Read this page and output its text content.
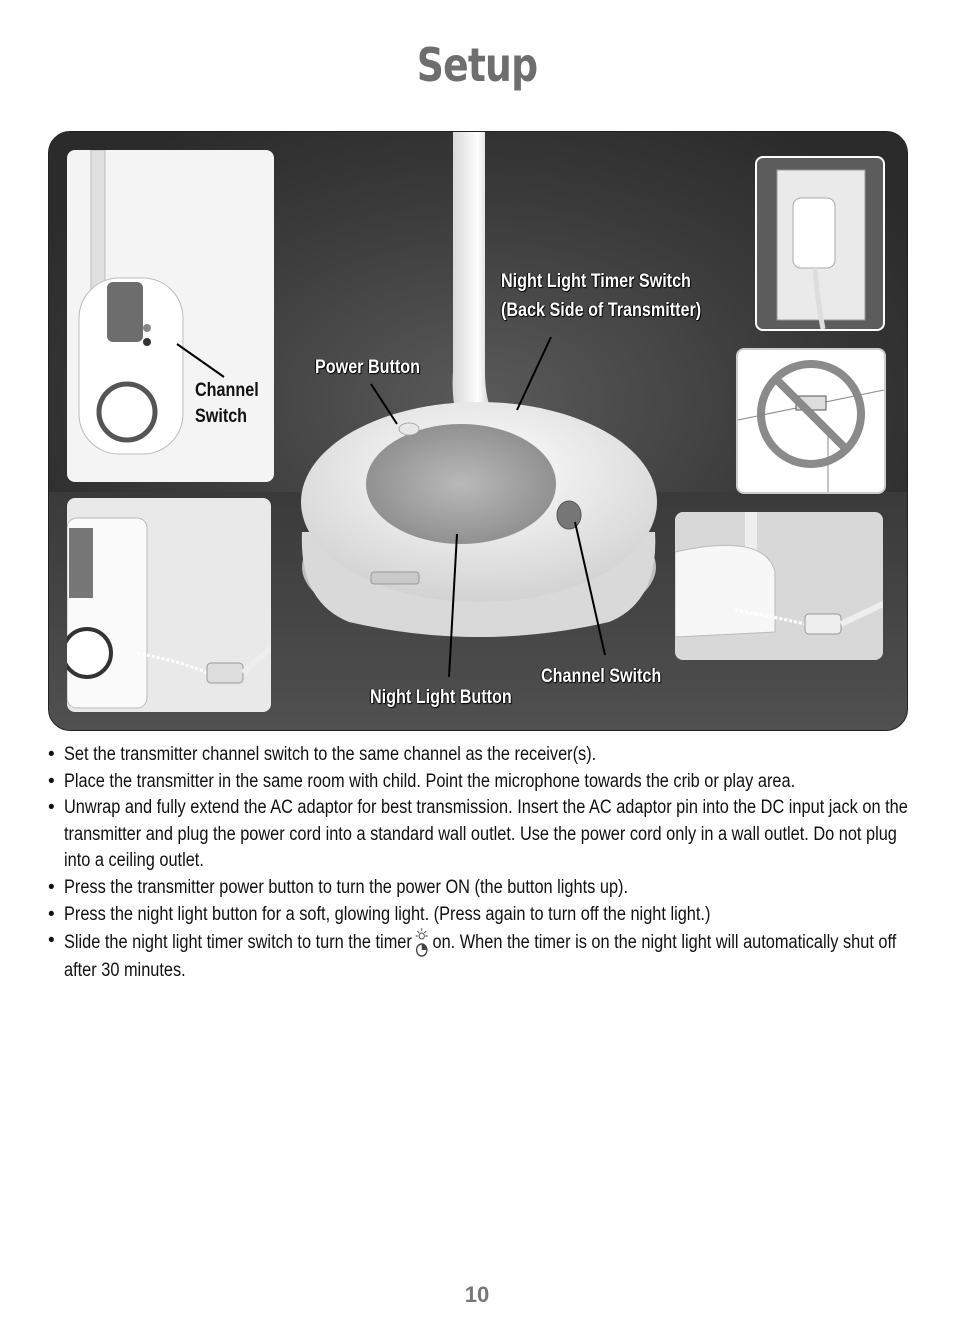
Setup
Channel
Switch
Night Light Timer Switch
(Back Side of Transmitter)
Power Button
Channel Switch
Night Light Button
• Set the transmitter channel switch to the same channel as the receiver(s).
• Place the transmitter in the same room with child. Point the microphone towards the crib or play area.
• Unwrap and fully extend the AC adaptor for best transmission. Insert the AC adaptor pin into the DC input jack on the transmitter and plug the power cord into a standard wall outlet. Use the power cord only in a wall outlet. Do not plug into a ceiling outlet.
• Press the transmitter power button to turn the power ON (the button lights up).
• Press the night light button for a soft, glowing light. (Press again to turn off the night light.)
• Slide the night light timer switch to turn the timer on. When the timer is on the night light will automatically shut off after 30 minutes.
10
